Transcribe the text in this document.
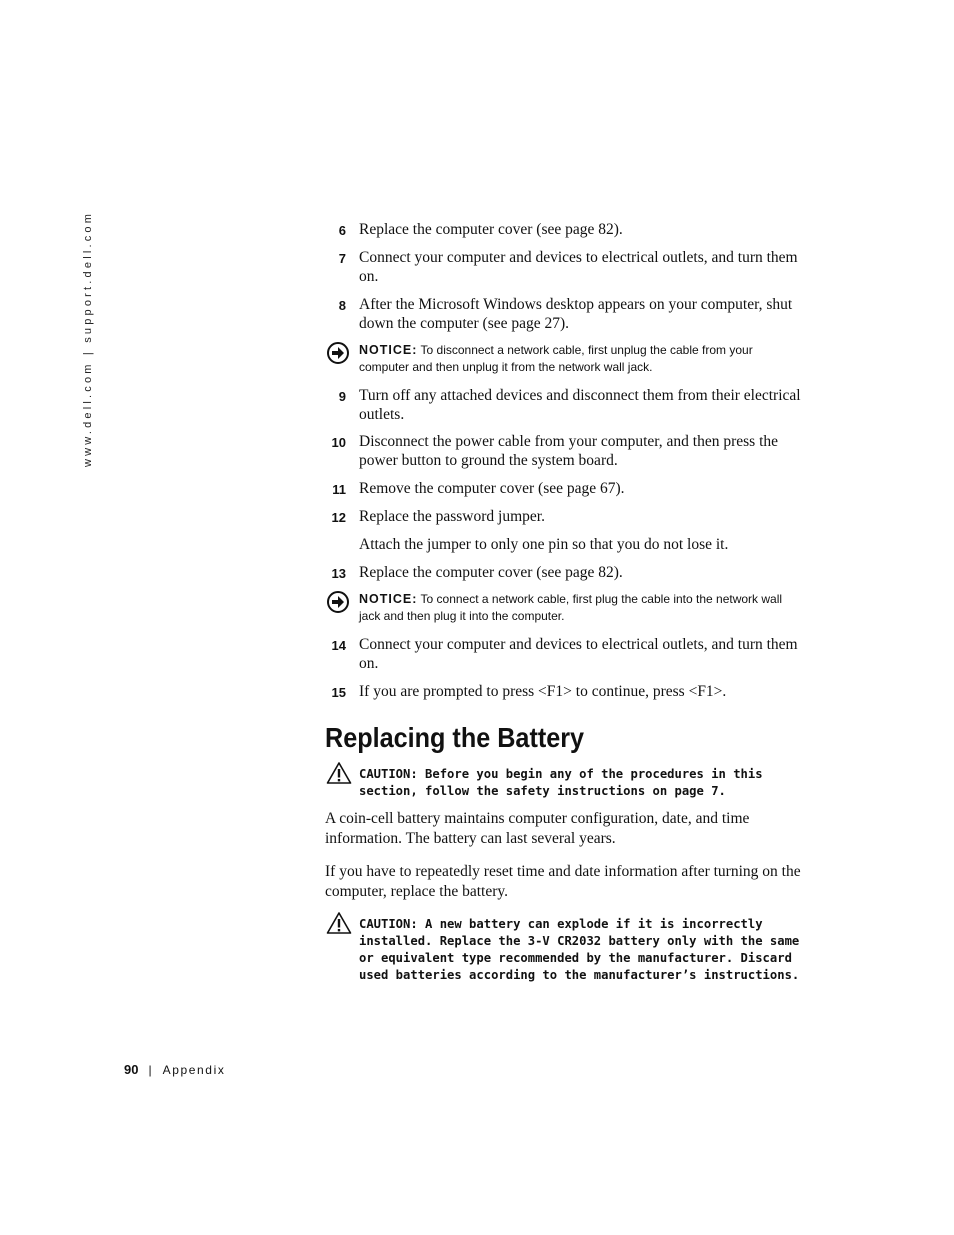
www.dell.com | support.dell.com	6 Replace the computer cover (see page 82).
7 Connect your computer and devices to electrical outlets, and turn them on.
8 After the Microsoft Windows desktop appears on your computer, shut down the computer (see page 27).
NOTICE: To disconnect a network cable, first unplug the cable from your computer and then unplug it from the network wall jack.
9 Turn off any attached devices and disconnect them from their electrical outlets.
10 Disconnect the power cable from your computer, and then press the power button to ground the system board.
11 Remove the computer cover (see page 67).
12 Replace the password jumper.
Attach the jumper to only one pin so that you do not lose it.
13 Replace the computer cover (see page 82).
NOTICE: To connect a network cable, first plug the cable into the network wall jack and then plug it into the computer.
14 Connect your computer and devices to electrical outlets, and turn them on.
15 If you are prompted to press <F1> to continue, press <F1>.
Replacing the Battery
CAUTION: Before you begin any of the procedures in this section, follow the safety instructions on page 7.
A coin-cell battery maintains computer configuration, date, and time information. The battery can last several years.
If you have to repeatedly reset time and date information after turning on the computer, replace the battery.
CAUTION: A new battery can explode if it is incorrectly installed. Replace the 3-V CR2032 battery only with the same or equivalent type recommended by the manufacturer. Discard used batteries according to the manufacturer’s instructions.
90 | Appendix
